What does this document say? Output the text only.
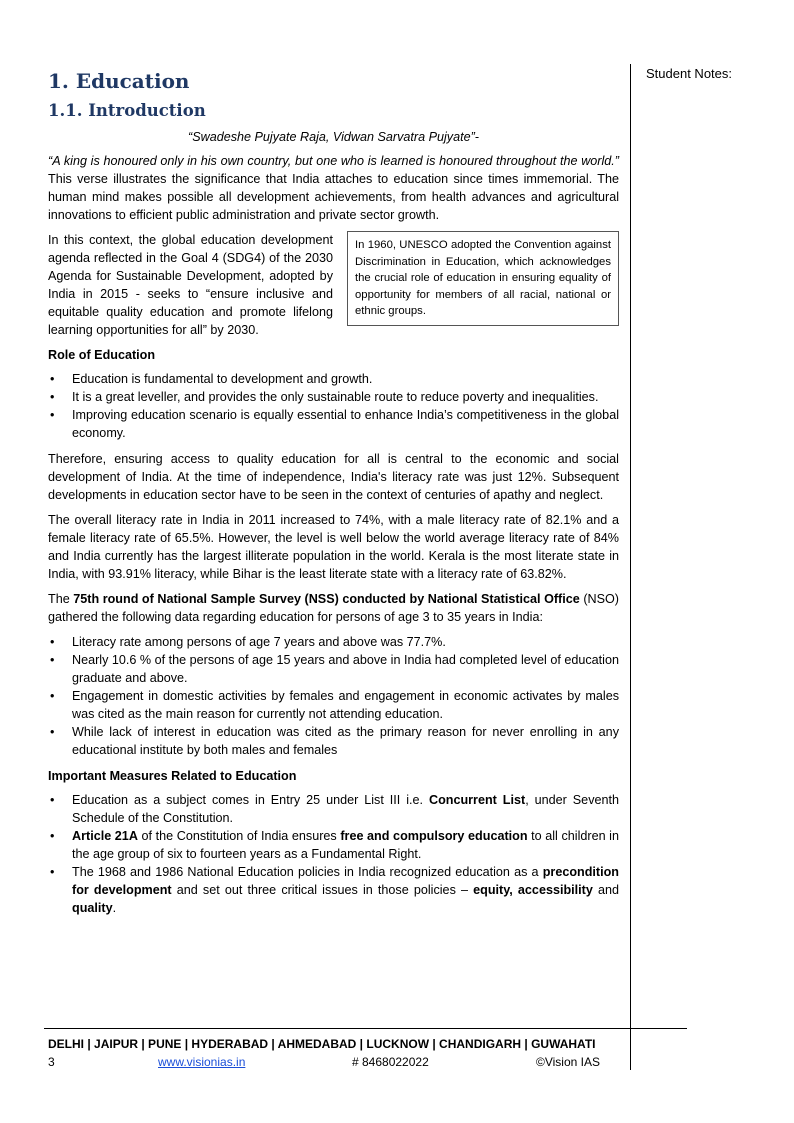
Student Notes:
1. Education
1.1. Introduction
“Swadeshe Pujyate Raja, Vidwan Sarvatra Pujyate”-

“A king is honoured only in his own country, but one who is learned is honoured throughout the world.” This verse illustrates the significance that India attaches to education since times immemorial. The human mind makes possible all development achievements, from health advances and agricultural innovations to efficient public administration and private sector growth.

In 1960, UNESCO adopted the Convention against Discrimination in Education, which acknowledges the crucial role of education in ensuring equality of opportunity for members of all racial, national or ethnic groups.

In this context, the global education development agenda reflected in the Goal 4 (SDG4) of the 2030 Agenda for Sustainable Development, adopted by India in 2015 - seeks to “ensure inclusive and equitable quality education and promote lifelong learning opportunities for all” by 2030.

Role of Education
• Education is fundamental to development and growth.
• It is a great leveller, and provides the only sustainable route to reduce poverty and inequalities.
• Improving education scenario is equally essential to enhance India’s competitiveness in the global economy.

Therefore, ensuring access to quality education for all is central to the economic and social development of India. At the time of independence, India's literacy rate was just 12%. Subsequent developments in education sector have to be seen in the context of centuries of apathy and neglect.

The overall literacy rate in India in 2011 increased to 74%, with a male literacy rate of 82.1% and a female literacy rate of 65.5%. However, the level is well below the world average literacy rate of 84% and India currently has the largest illiterate population in the world. Kerala is the most literate state in India, with 93.91% literacy, while Bihar is the least literate state with a literacy rate of 63.82%.

The 75th round of National Sample Survey (NSS) conducted by National Statistical Office (NSO) gathered the following data regarding education for persons of age 3 to 35 years in India:

• Literacy rate among persons of age 7 years and above was 77.7%.
• Nearly 10.6 % of the persons of age 15 years and above in India had completed level of education graduate and above.
• Engagement in domestic activities by females and engagement in economic activates by males was cited as the main reason for currently not attending education.
• While lack of interest in education was cited as the primary reason for never enrolling in any educational institute by both males and females
Important Measures Related to Education
• Education as a subject comes in Entry 25 under List III i.e. Concurrent List, under Seventh Schedule of the Constitution.
• Article 21A of the Constitution of India ensures free and compulsory education to all children in the age group of six to fourteen years as a Fundamental Right.
• The 1968 and 1986 National Education policies in India recognized education as a precondition for development and set out three critical issues in those policies – equity, accessibility and quality.
DELHI | JAIPUR | PUNE | HYDERABAD | AHMEDABAD | LUCKNOW | CHANDIGARH | GUWAHATI
3	www.visionias.in	# 8468022022	©Vision IAS
